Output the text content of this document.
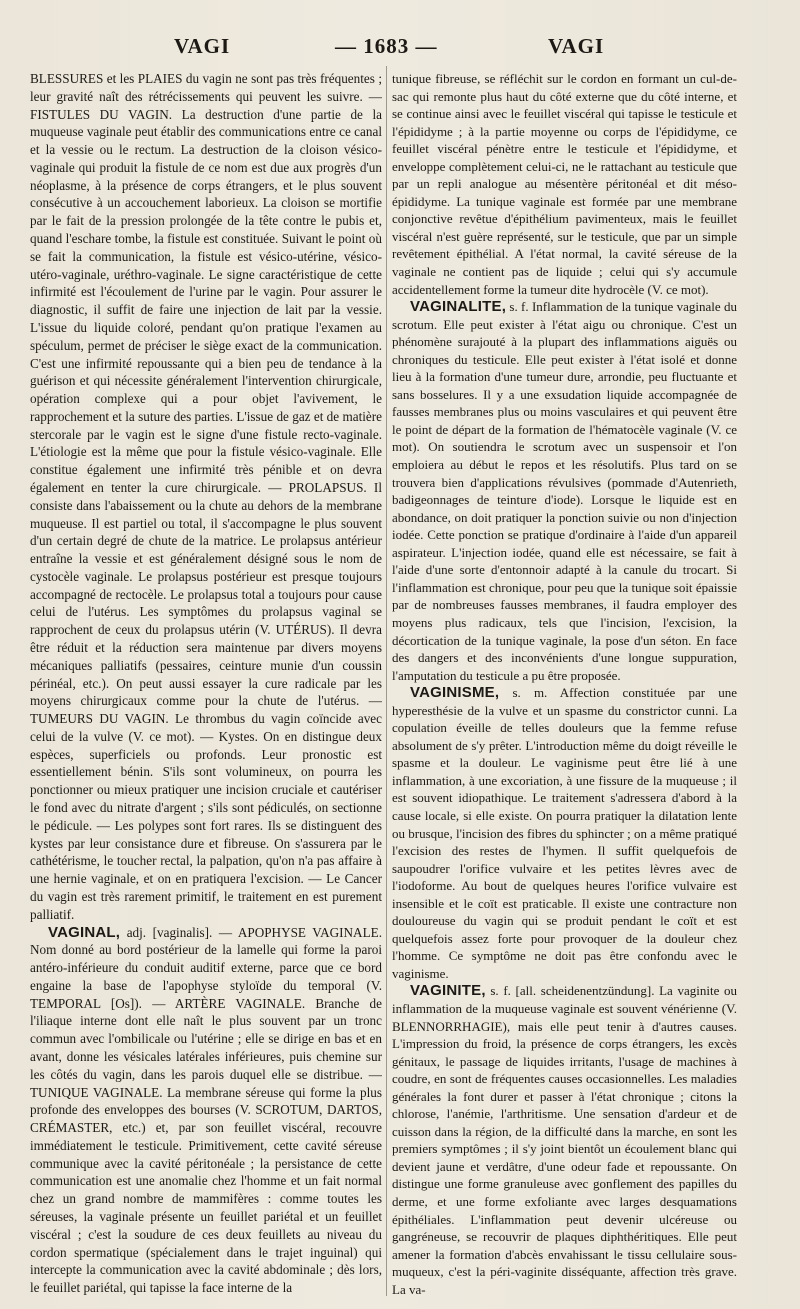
VAGI	— 1683 —	VAGI

BLESSURES et les PLAIES du vagin ne sont pas très fréquentes ; leur gravité naît des rétrécissements qui peuvent les suivre. — FISTULES DU VAGIN. La destruction d'une partie de la muqueuse vaginale peut établir des communications entre ce canal et la vessie ou le rectum. La destruction de la cloison vésico-vaginale qui produit la fistule de ce nom est due aux progrès d'un néoplasme, à la présence de corps étrangers, et le plus souvent consécutive à un accouchement laborieux. La cloison se mortifie par le fait de la pression prolongée de la tête contre le pubis et, quand l'eschare tombe, la fistule est constituée. Suivant le point où se fait la communication, la fistule est vésico-utérine, vésico-utéro-vaginale, uréthro-vaginale. Le signe caractéristique de cette infirmité est l'écoulement de l'urine par le vagin. Pour assurer le diagnostic, il suffit de faire une injection de lait par la vessie. L'issue du liquide coloré, pendant qu'on pratique l'examen au spéculum, permet de préciser le siège exact de la communication. C'est une infirmité repoussante qui a bien peu de tendance à la guérison et qui nécessite généralement l'intervention chirurgicale, opération complexe qui a pour objet l'avivement, le rapprochement et la suture des parties. L'issue de gaz et de matière stercorale par le vagin est le signe d'une fistule recto-vaginale. L'étiologie est la même que pour la fistule vésico-vaginale. Elle constitue également une infirmité très pénible et on devra également en tenter la cure chirurgicale. — PROLAPSUS. Il consiste dans l'abaissement ou la chute au dehors de la membrane muqueuse. Il est partiel ou total, il s'accompagne le plus souvent d'un certain degré de chute de la matrice. Le prolapsus antérieur entraîne la vessie et est généralement désigné sous le nom de cystocèle vaginale. Le prolapsus postérieur est presque toujours accompagné de rectocèle. Le prolapsus total a toujours pour cause celui de l'utérus. Les symptômes du prolapsus vaginal se rapprochent de ceux du prolapsus utérin (V. UTÉRUS). Il devra être réduit et la réduction sera maintenue par divers moyens mécaniques palliatifs (pessaires, ceinture munie d'un coussin périnéal, etc.). On peut aussi essayer la cure radicale par les moyens chirurgicaux comme pour la chute de l'utérus. — TUMEURS DU VAGIN. Le thrombus du vagin coïncide avec celui de la vulve (V. ce mot). — Kystes. On en distingue deux espèces, superficiels ou profonds. Leur pronostic est essentiellement bénin. S'ils sont volumineux, on pourra les ponctionner ou mieux pratiquer une incision cruciale et cautériser le fond avec du nitrate d'argent ; s'ils sont pédiculés, on sectionne le pédicule. — Les polypes sont fort rares. Ils se distinguent des kystes par leur consistance dure et fibreuse. On s'assurera par le cathétérisme, le toucher rectal, la palpation, qu'on n'a pas affaire à une hernie vaginale, et on en pratiquera l'excision. — Le Cancer du vagin est très rarement primitif, le traitement en est purement palliatif.

VAGINAL, adj. [vaginalis]. — APOPHYSE VAGINALE. Nom donné au bord postérieur de la lamelle qui forme la paroi antéro-inférieure du conduit auditif externe, parce que ce bord engaine la base de l'apophyse styloïde du temporal (V. TEMPORAL [Os]). — ARTÈRE VAGINALE. Branche de l'iliaque interne dont elle naît le plus souvent par un tronc commun avec l'ombilicale ou l'utérine ; elle se dirige en bas et en avant, donne les vésicales latérales inférieures, puis chemine sur les côtés du vagin, dans les parois duquel elle se distribue. — TUNIQUE VAGINALE. La membrane séreuse qui forme la plus profonde des enveloppes des bourses (V. SCROTUM, DARTOS, CRÉMASTER, etc.) et, par son feuillet viscéral, recouvre immédiatement le testicule. Primitivement, cette cavité séreuse communique avec la cavité péritonéale ; la persistance de cette communication est une anomalie chez l'homme et un fait normal chez un grand nombre de mammifères : comme toutes les séreuses, la vaginale présente un feuillet pariétal et un feuillet viscéral ; c'est la soudure de ces deux feuillets au niveau du cordon spermatique (spécialement dans le trajet inguinal) qui intercepte la communication avec la cavité abdominale ; dès lors, le feuillet pariétal, qui tapisse la face interne de la

tunique fibreuse, se réfléchit sur le cordon en formant un cul-de-sac qui remonte plus haut du côté externe que du côté interne, et se continue ainsi avec le feuillet viscéral qui tapisse le testicule et l'épididyme ; à la partie moyenne ou corps de l'épididyme, ce feuillet viscéral pénètre entre le testicule et l'épididyme, et enveloppe complètement celui-ci, ne le rattachant au testicule que par un repli analogue au mésentère péritonéal et dit méso-épididyme. La tunique vaginale est formée par une membrane conjonctive revêtue d'épithélium pavimenteux, mais le feuillet viscéral n'est guère représenté, sur le testicule, que par un simple revêtement épithélial. A l'état normal, la cavité séreuse de la vaginale ne contient pas de liquide ; celui qui s'y accumule accidentellement forme la tumeur dite hydrocèle (V. ce mot).

VAGINALITE, s. f. Inflammation de la tunique vaginale du scrotum. Elle peut exister à l'état aigu ou chronique. C'est un phénomène surajouté à la plupart des inflammations aiguës ou chroniques du testicule. Elle peut exister à l'état isolé et donne lieu à la formation d'une tumeur dure, arrondie, peu fluctuante et sans bosselures. Il y a une exsudation liquide accompagnée de fausses membranes plus ou moins vasculaires et qui peuvent être le point de départ de la formation de l'hématocèle vaginale (V. ce mot). On soutiendra le scrotum avec un suspensoir et l'on emploiera au début le repos et les résolutifs. Plus tard on se trouvera bien d'applications révulsives (pommade d'Autenrieth, badigeonnages de teinture d'iode). Lorsque le liquide est en abondance, on doit pratiquer la ponction suivie ou non d'injection iodée. Cette ponction se pratique d'ordinaire à l'aide d'un appareil aspirateur. L'injection iodée, quand elle est nécessaire, se fait à l'aide d'une sorte d'entonnoir adapté à la canule du trocart. Si l'inflammation est chronique, pour peu que la tunique soit épaissie par de nombreuses fausses membranes, il faudra employer des moyens plus radicaux, tels que l'incision, l'excision, la décortication de la tunique vaginale, la pose d'un séton. En face des dangers et des inconvénients d'une longue suppuration, l'amputation du testicule a pu être proposée.

VAGINISME, s. m. Affection constituée par une hyperesthésie de la vulve et un spasme du constrictor cunni. La copulation éveille de telles douleurs que la femme refuse absolument de s'y prêter. L'introduction même du doigt réveille le spasme et la douleur. Le vaginisme peut être lié à une inflammation, à une excoriation, à une fissure de la muqueuse ; il est souvent idiopathique. Le traitement s'adressera d'abord à la cause locale, si elle existe. On pourra pratiquer la dilatation lente ou brusque, l'incision des fibres du sphincter ; on a même pratiqué l'excision des restes de l'hymen. Il suffit quelquefois de saupoudrer l'orifice vulvaire et les petites lèvres avec de l'iodoforme. Au bout de quelques heures l'orifice vulvaire est insensible et le coït est praticable. Il existe une contracture non douloureuse du vagin qui se produit pendant le coït et est quelquefois assez forte pour provoquer de la douleur chez l'homme. Ce symptôme ne doit pas être confondu avec le vaginisme.

VAGINITE, s. f. [all. scheidenentzündung]. La vaginite ou inflammation de la muqueuse vaginale est souvent vénérienne (V. BLENNORRHAGIE), mais elle peut tenir à d'autres causes. L'impression du froid, la présence de corps étrangers, les excès génitaux, le passage de liquides irritants, l'usage de machines à coudre, en sont de fréquentes causes occasionnelles. Les maladies générales la font durer et passer à l'état chronique ; citons la chlorose, l'anémie, l'arthritisme. Une sensation d'ardeur et de cuisson dans la région, de la difficulté dans la marche, en sont les premiers symptômes ; il s'y joint bientôt un écoulement blanc qui devient jaune et verdâtre, d'une odeur fade et repoussante. On distingue une forme granuleuse avec gonflement des papilles du derme, et une forme exfoliante avec larges desquamations épithéliales. L'inflammation peut devenir ulcéreuse ou gangréneuse, se recouvrir de plaques diphthéritiques. Elle peut amener la formation d'abcès envahissant le tissu cellulaire sous-muqueux, c'est la péri-vaginite disséquante, affection très grave. La va-
